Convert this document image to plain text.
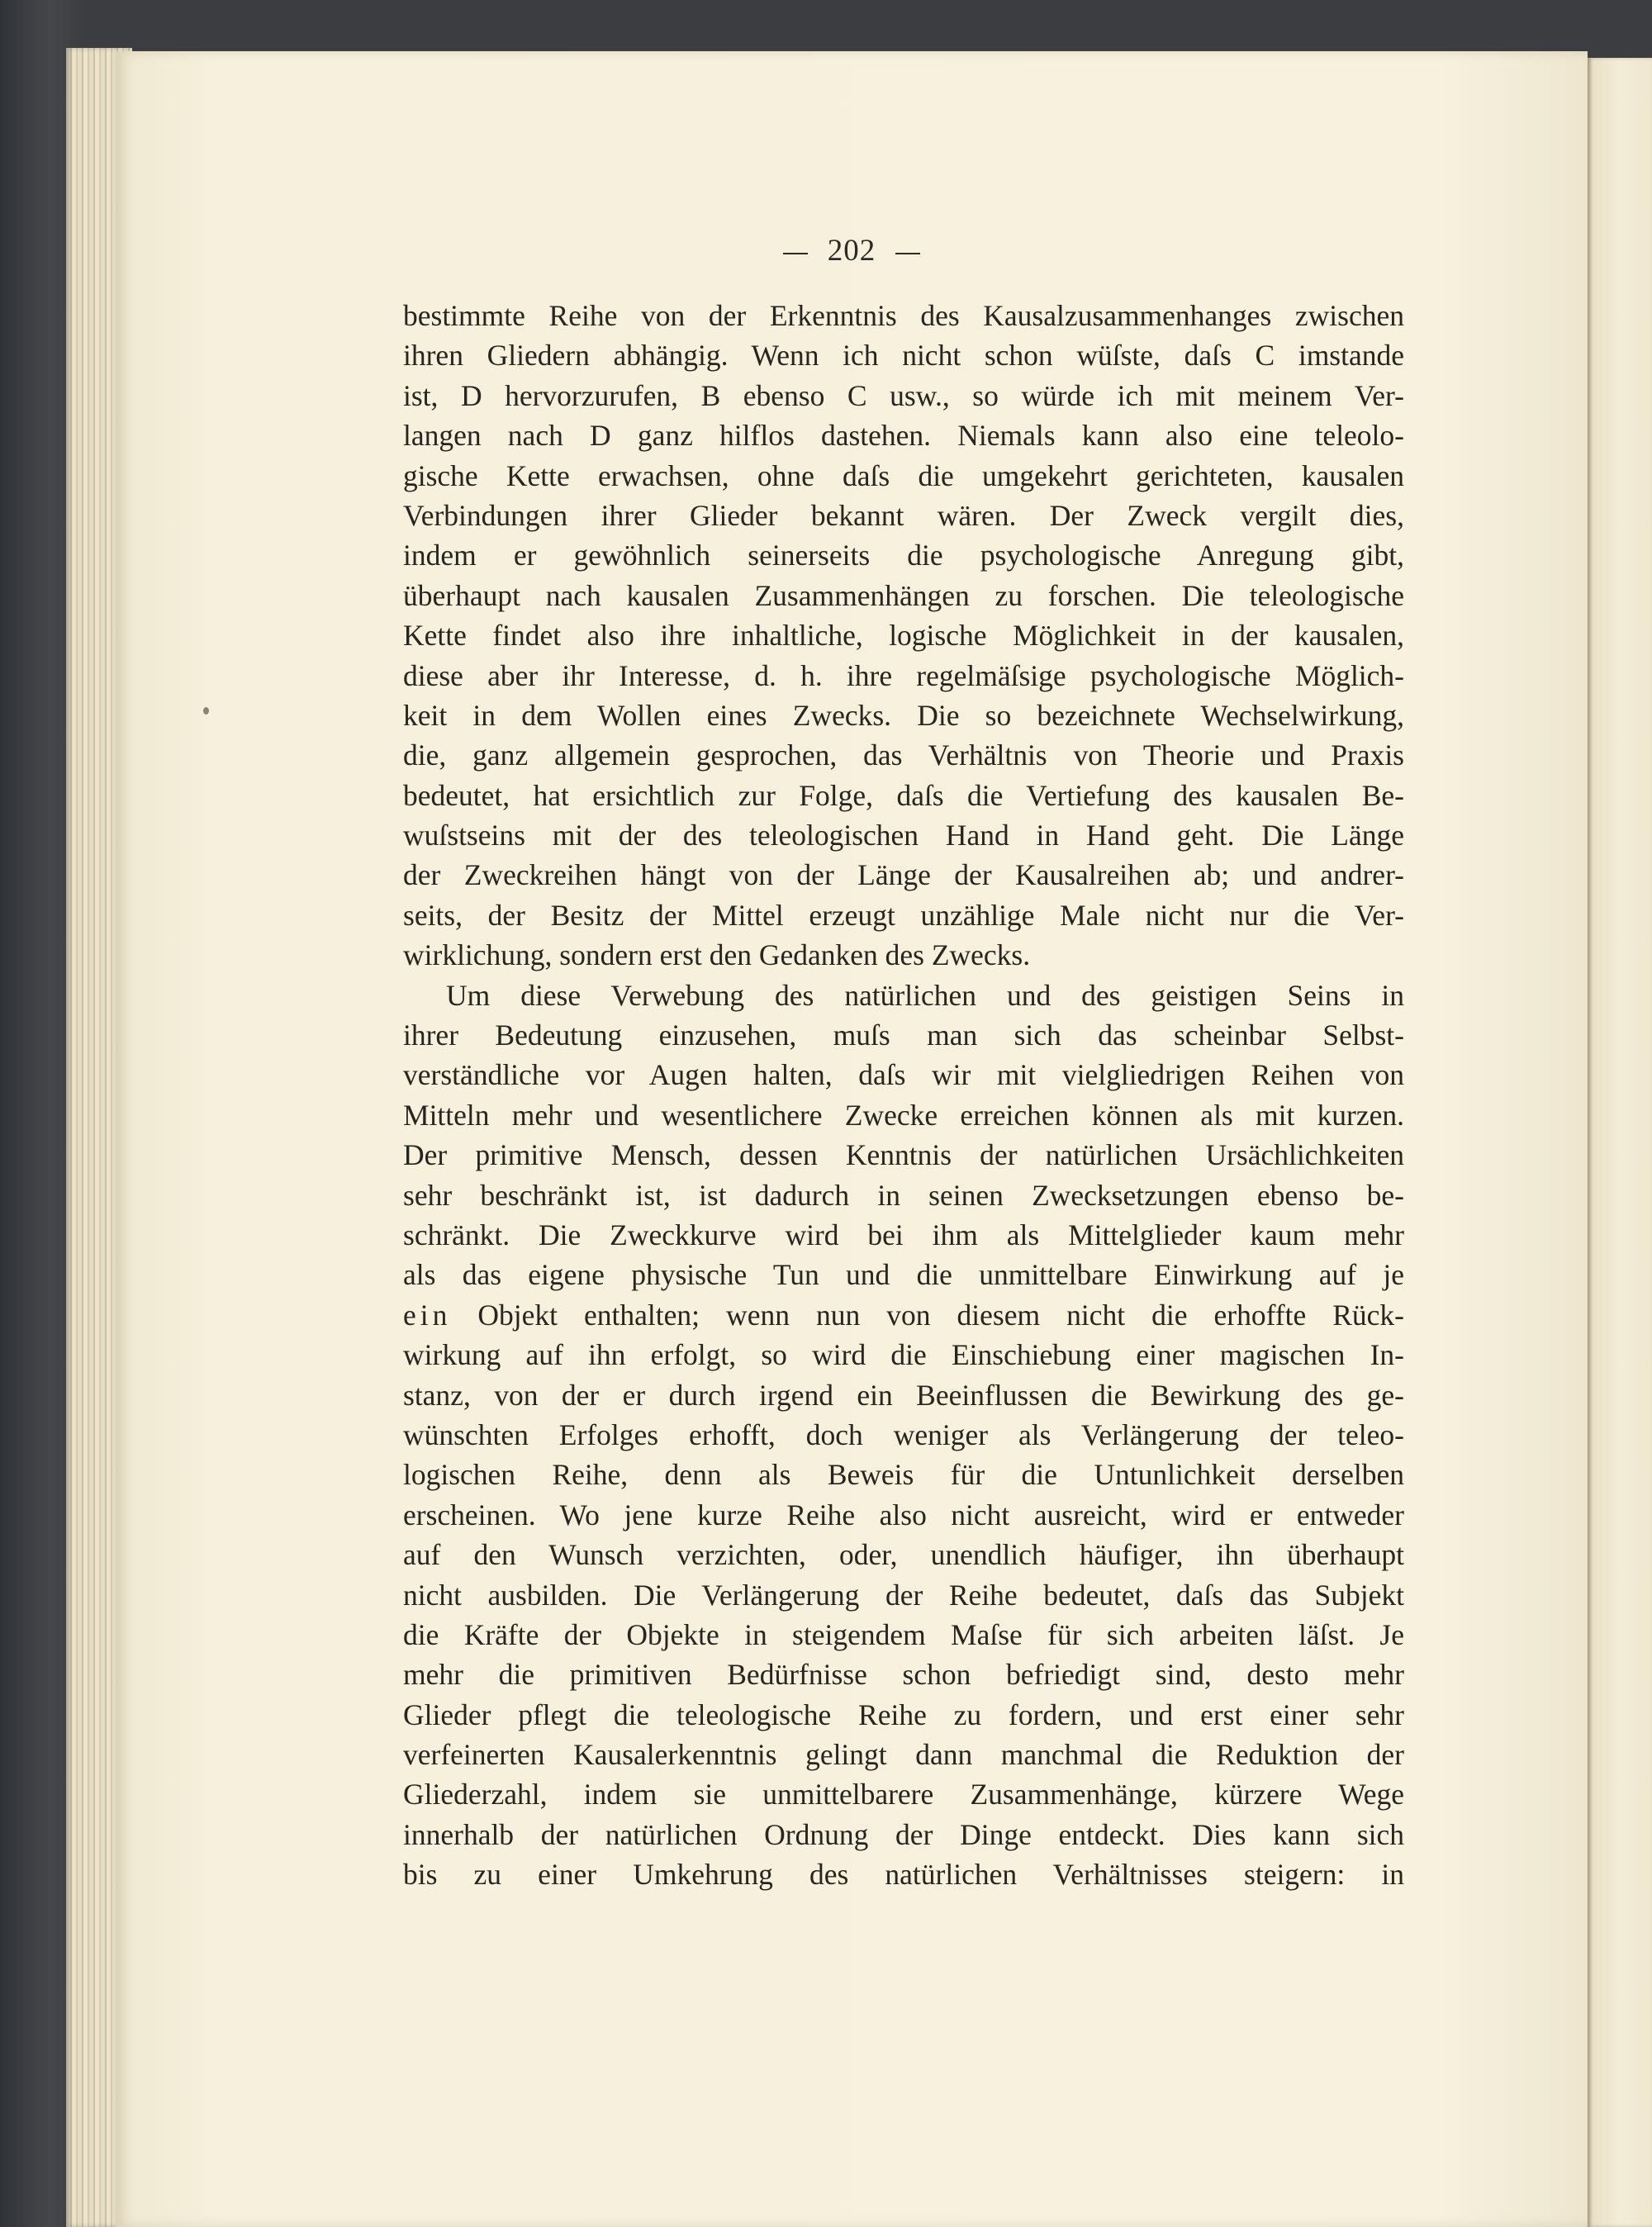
202
bestimmte Reihe von der Erkenntnis des Kausalzusammenhanges zwischen
ihren Gliedern abhängig. Wenn ich nicht schon wüſste, daſs C imstande
ist, D hervorzurufen, B ebenso C usw., so würde ich mit meinem Ver-
langen nach D ganz hilflos dastehen. Niemals kann also eine teleolo-
gische Kette erwachsen, ohne daſs die umgekehrt gerichteten, kausalen
Verbindungen ihrer Glieder bekannt wären. Der Zweck vergilt dies,
indem er gewöhnlich seinerseits die psychologische Anregung gibt,
überhaupt nach kausalen Zusammenhängen zu forschen. Die teleologische
Kette findet also ihre inhaltliche, logische Möglichkeit in der kausalen,
diese aber ihr Interesse, d. h. ihre regelmäſsige psychologische Möglich-
keit in dem Wollen eines Zwecks. Die so bezeichnete Wechselwirkung,
die, ganz allgemein gesprochen, das Verhältnis von Theorie und Praxis
bedeutet, hat ersichtlich zur Folge, daſs die Vertiefung des kausalen Be-
wuſstseins mit der des teleologischen Hand in Hand geht. Die Länge
der Zweckreihen hängt von der Länge der Kausalreihen ab; und andrer-
seits, der Besitz der Mittel erzeugt unzählige Male nicht nur die Ver-
wirklichung, sondern erst den Gedanken des Zwecks.
Um diese Verwebung des natürlichen und des geistigen Seins in
ihrer Bedeutung einzusehen, muſs man sich das scheinbar Selbst-
verständliche vor Augen halten, daſs wir mit vielgliedrigen Reihen von
Mitteln mehr und wesentlichere Zwecke erreichen können als mit kurzen.
Der primitive Mensch, dessen Kenntnis der natürlichen Ursächlichkeiten
sehr beschränkt ist, ist dadurch in seinen Zwecksetzungen ebenso be-
schränkt. Die Zweckkurve wird bei ihm als Mittelglieder kaum mehr
als das eigene physische Tun und die unmittelbare Einwirkung auf je
ein Objekt enthalten; wenn nun von diesem nicht die erhoffte Rück-
wirkung auf ihn erfolgt, so wird die Einschiebung einer magischen In-
stanz, von der er durch irgend ein Beeinflussen die Bewirkung des ge-
wünschten Erfolges erhofft, doch weniger als Verlängerung der teleo-
logischen Reihe, denn als Beweis für die Untunlichkeit derselben
erscheinen. Wo jene kurze Reihe also nicht ausreicht, wird er entweder
auf den Wunsch verzichten, oder, unendlich häufiger, ihn überhaupt
nicht ausbilden. Die Verlängerung der Reihe bedeutet, daſs das Subjekt
die Kräfte der Objekte in steigendem Maſse für sich arbeiten läſst. Je
mehr die primitiven Bedürfnisse schon befriedigt sind, desto mehr
Glieder pflegt die teleologische Reihe zu fordern, und erst einer sehr
verfeinerten Kausalerkenntnis gelingt dann manchmal die Reduktion der
Gliederzahl, indem sie unmittelbarere Zusammenhänge, kürzere Wege
innerhalb der natürlichen Ordnung der Dinge entdeckt. Dies kann sich
bis zu einer Umkehrung des natürlichen Verhältnisses steigern: in
